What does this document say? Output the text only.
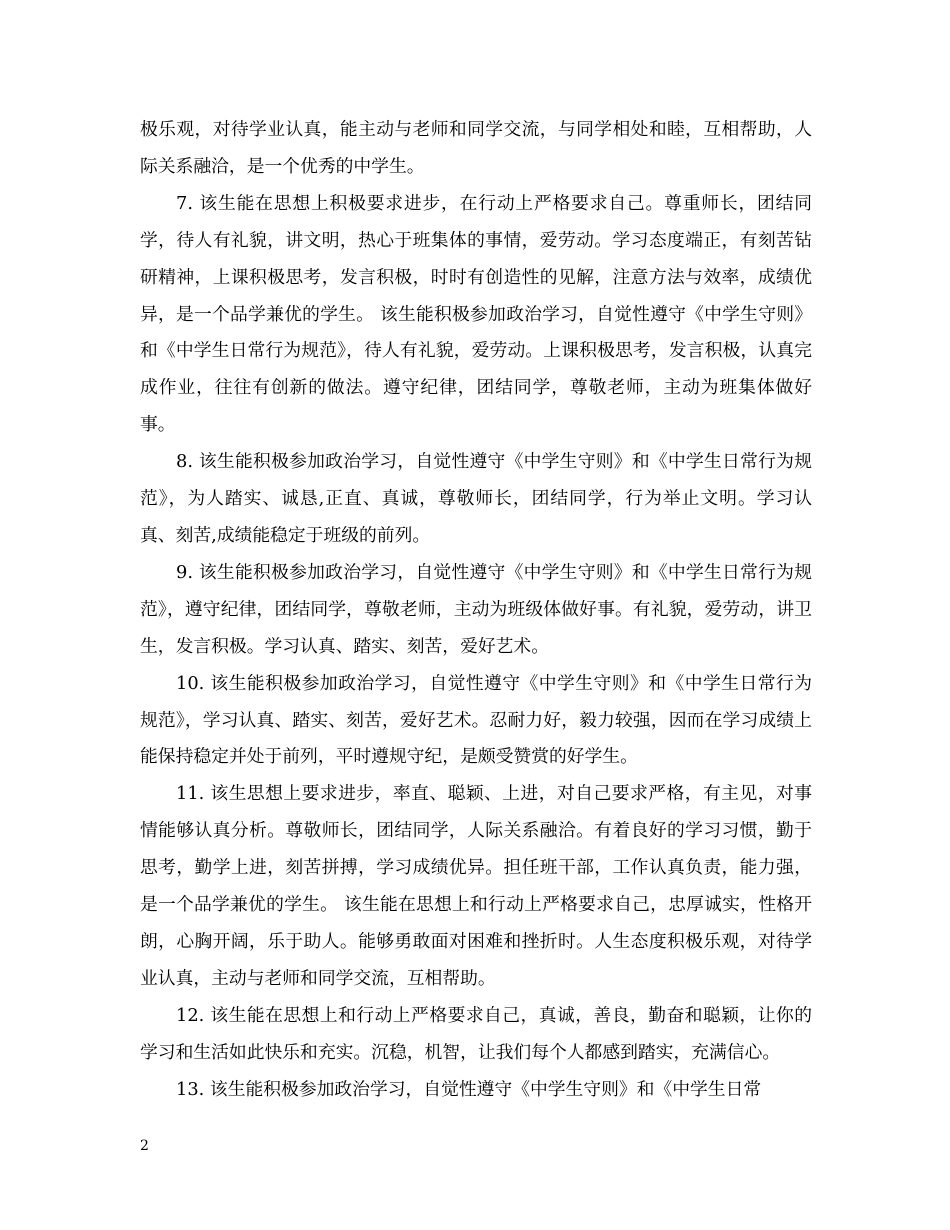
极乐观，对待学业认真，能主动与老师和同学交流，与同学相处和睦，互相帮助，人际关系融洽，是一个优秀的中学生。

7. 该生能在思想上积极要求进步，在行动上严格要求自己。尊重师长，团结同学，待人有礼貌，讲文明，热心于班集体的事情，爱劳动。学习态度端正，有刻苦钻研精神，上课积极思考，发言积极，时时有创造性的见解，注意方法与效率，成绩优异，是一个品学兼优的学生。 该生能积极参加政治学习，自觉性遵守《中学生守则》和《中学生日常行为规范》，待人有礼貌，爱劳动。上课积极思考，发言积极，认真完成作业，往往有创新的做法。遵守纪律，团结同学，尊敬老师，主动为班集体做好事。

8. 该生能积极参加政治学习，自觉性遵守《中学生守则》和《中学生日常行为规范》，为人踏实、诚恳,正直、真诚，尊敬师长，团结同学，行为举止文明。学习认真、刻苦,成绩能稳定于班级的前列。

9. 该生能积极参加政治学习，自觉性遵守《中学生守则》和《中学生日常行为规范》，遵守纪律，团结同学，尊敬老师，主动为班级体做好事。有礼貌，爱劳动，讲卫生，发言积极。学习认真、踏实、刻苦，爱好艺术。

10. 该生能积极参加政治学习，自觉性遵守《中学生守则》和《中学生日常行为规范》，学习认真、踏实、刻苦，爱好艺术。忍耐力好，毅力较强，因而在学习成绩上能保持稳定并处于前列，平时遵规守纪，是颇受赞赏的好学生。

11. 该生思想上要求进步，率直、聪颖、上进，对自己要求严格，有主见，对事情能够认真分析。尊敬师长，团结同学，人际关系融洽。有着良好的学习习惯，勤于思考，勤学上进，刻苦拼搏，学习成绩优异。担任班干部，工作认真负责，能力强，是一个品学兼优的学生。 该生能在思想上和行动上严格要求自己，忠厚诚实，性格开朗，心胸开阔，乐于助人。能够勇敢面对困难和挫折时。人生态度积极乐观，对待学业认真，主动与老师和同学交流，互相帮助。

12. 该生能在思想上和行动上严格要求自己，真诚，善良，勤奋和聪颖，让你的学习和生活如此快乐和充实。沉稳，机智，让我们每个人都感到踏实，充满信心。

13. 该生能积极参加政治学习，自觉性遵守《中学生守则》和《中学生日常

2
